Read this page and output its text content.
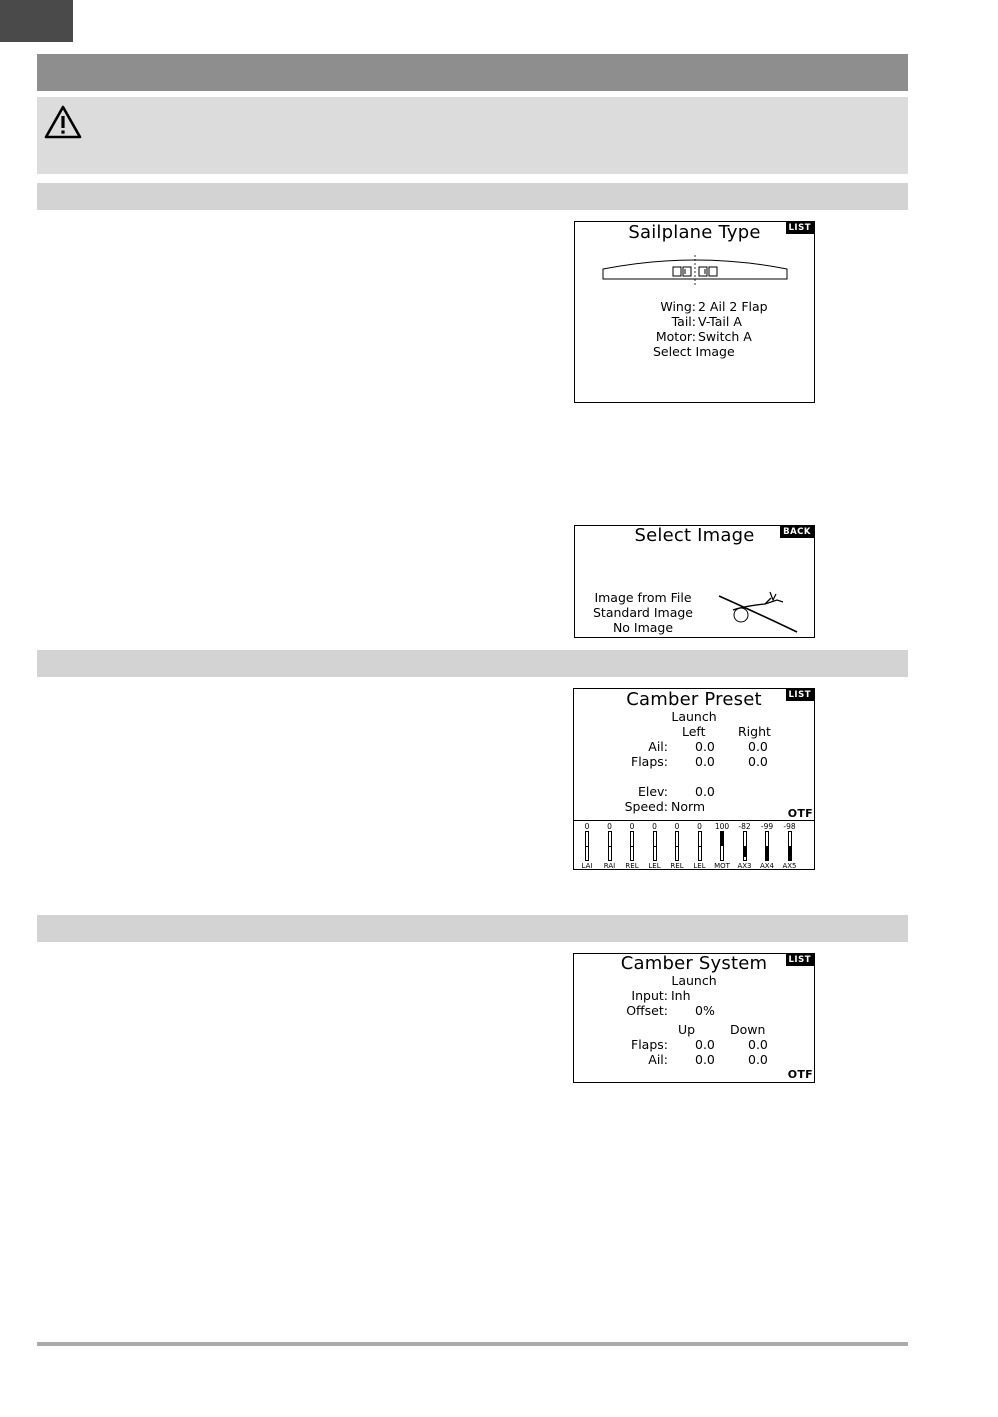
Sailplane Type	LIST
Wing: 2 Ail 2 Flap
Tail: V-Tail A
Motor: Switch A
Select Image
Select Image	BACK
Image from File
Standard Image
No Image
Camber Preset	LIST
Launch
Left	Right
Ail: 0.0	0.0
Flaps: 0.0	0.0
Elev: 0.0
Speed: Norm	OTF
0
LAI
0
RAI
0
REL
0
LEL
0
REL
0
LEL
100
MOT
-82
AX3
-99
AX4
-98
AX5
Camber System	LIST
Launch
Input: Inh
Offset: 0%
Up	Down
Flaps: 0.0	0.0
Ail: 0.0	0.0
OTF
